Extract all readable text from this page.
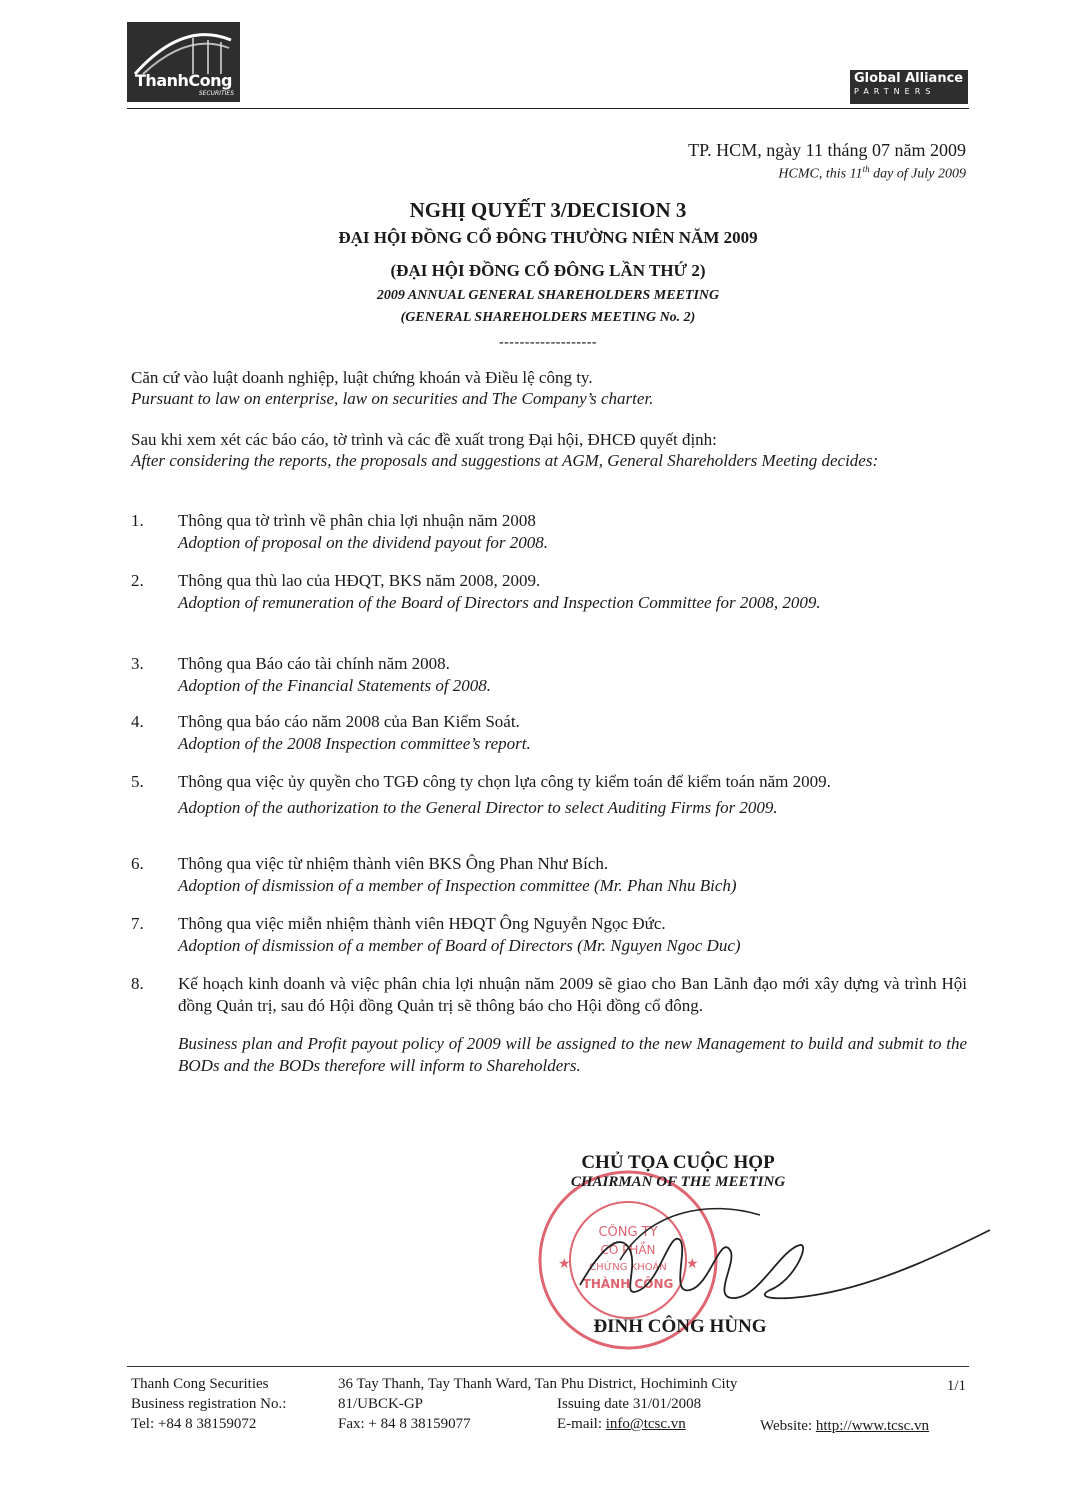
ThanhCong
SECURITIES
Global Alliance
PARTNERS
TP. HCM, ngày 11 tháng 07 năm 2009
HCMC, this 11th day of July 2009
NGHỊ QUYẾT 3/DECISION 3
ĐẠI HỘI ĐỒNG CỔ ĐÔNG THƯỜNG NIÊN NĂM 2009
(ĐẠI HỘI ĐỒNG CỔ ĐÔNG LẦN THỨ 2)
2009 ANNUAL GENERAL SHAREHOLDERS MEETING
(GENERAL SHAREHOLDERS MEETING No. 2)
-------------------
Căn cứ vào luật doanh nghiệp, luật chứng khoán và Điều lệ công ty.
Pursuant to law on enterprise, law on securities and The Company’s charter.
Sau khi xem xét các báo cáo, tờ trình và các đề xuất trong Đại hội, ĐHCĐ quyết định:
After considering the reports, the proposals and suggestions at AGM, General Shareholders Meeting decides:
1. Thông qua tờ trình về phân chia lợi nhuận năm 2008
Adoption of proposal on the dividend payout for 2008.
2. Thông qua thù lao của HĐQT, BKS năm 2008, 2009.
Adoption of remuneration of the Board of Directors and Inspection Committee for 2008, 2009.
3. Thông qua Báo cáo tài chính năm 2008.
Adoption of the Financial Statements of 2008.
4. Thông qua báo cáo năm 2008 của Ban Kiểm Soát.
Adoption of the 2008 Inspection committee’s report.
5. Thông qua việc ủy quyền cho TGĐ công ty chọn lựa công ty kiểm toán để kiểm toán năm 2009.
Adoption of the authorization to the General Director to select Auditing Firms for 2009.
6. Thông qua việc từ nhiệm thành viên BKS Ông Phan Như Bích.
Adoption of dismission of a member of Inspection committee (Mr. Phan Nhu Bich)
7. Thông qua việc miễn nhiệm thành viên HĐQT Ông Nguyễn Ngọc Đức.
Adoption of dismission of a member of Board of Directors (Mr. Nguyen Ngoc Duc)
8. Kế hoạch kinh doanh và việc phân chia lợi nhuận năm 2009 sẽ giao cho Ban Lãnh đạo mới xây dựng và trình Hội đồng Quản trị, sau đó Hội đồng Quản trị sẽ thông báo cho Hội đồng cổ đông.
Business plan and Profit payout policy of 2009 will be assigned to the new Management to build and submit to the BODs and the BODs therefore will inform to Shareholders.
CÔNG TY
CỔ PHẦN
CHỨNG KHOÁN
THÀNH CÔNG
★	★
CHỦ TỌA CUỘC HỌP
CHAIRMAN OF THE MEETING
ĐINH CÔNG HÙNG
Thanh Cong Securities
Business registration No.:
Tel: +84 8 38159072
36 Tay Thanh, Tay Thanh Ward, Tan Phu District, Hochiminh City
81/UBCK-GP
Fax: + 84 8 38159077
Issuing date 31/01/2008
E-mail: info@tcsc.vn	Website: http://www.tcsc.vn
1/1
